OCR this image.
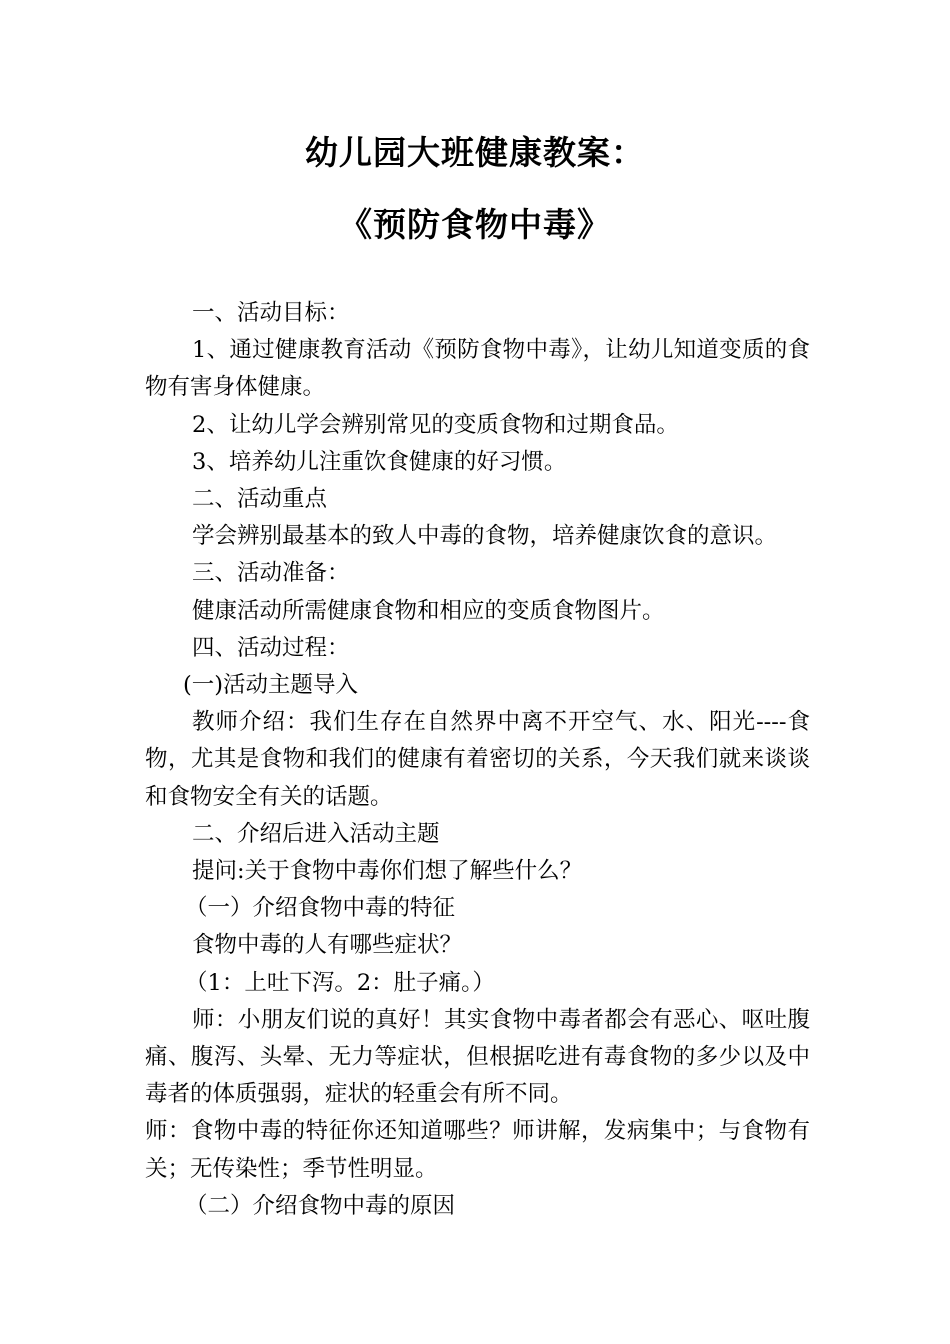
幼儿园大班健康教案：
《预防食物中毒》

一、活动目标：

1、通过健康教育活动《预防食物中毒》，让幼儿知道变质的食物有害身体健康。

2、让幼儿学会辨别常见的变质食物和过期食品。

3、培养幼儿注重饮食健康的好习惯。

二、活动重点

学会辨别最基本的致人中毒的食物，培养健康饮食的意识。

三、活动准备：

健康活动所需健康食物和相应的变质食物图片。

四、活动过程：

(一)活动主题导入

教师介绍：我们生存在自然界中离不开空气、水、阳光----食物，尤其是食物和我们的健康有着密切的关系，今天我们就来谈谈和食物安全有关的话题。

二、介绍后进入活动主题

提问:关于食物中毒你们想了解些什么？

（一）介绍食物中毒的特征

食物中毒的人有哪些症状？

（1：上吐下泻。2：肚子痛。）

师：小朋友们说的真好！其实食物中毒者都会有恶心、呕吐腹痛、腹泻、头晕、无力等症状，但根据吃进有毒食物的多少以及中毒者的体质强弱，症状的轻重会有所不同。

师：食物中毒的特征你还知道哪些？师讲解，发病集中；与食物有关；无传染性；季节性明显。

（二）介绍食物中毒的原因
